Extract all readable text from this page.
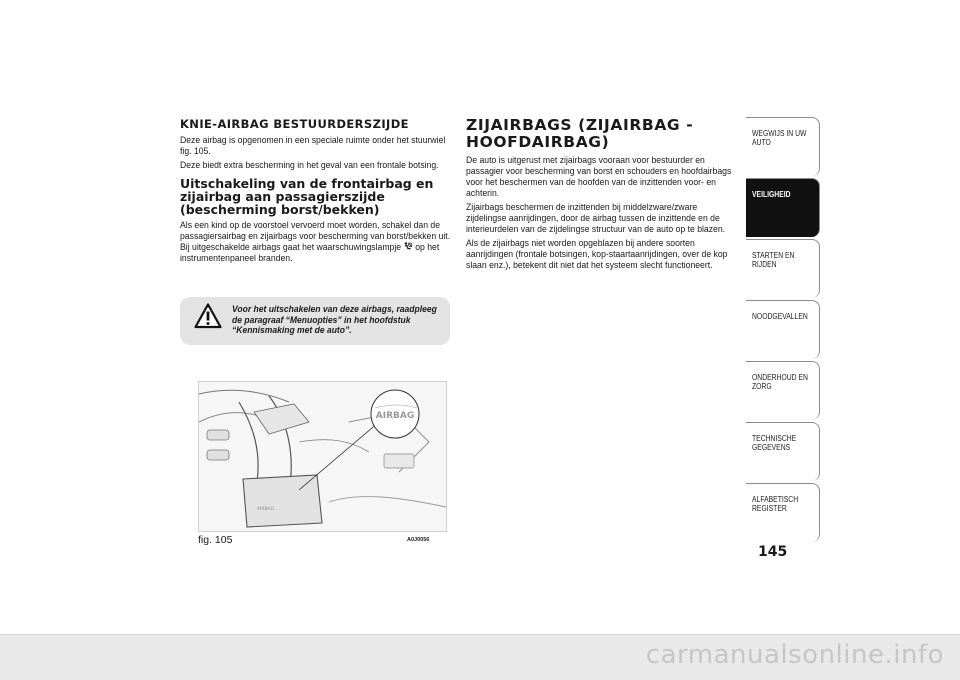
KNIE-AIRBAG BESTUURDERSZIJDE

Deze airbag is opgenomen in een speciale ruimte onder het stuurwiel fig. 105.

Deze biedt extra bescherming in het geval van een frontale botsing.

Uitschakeling van de frontairbag en zijairbag aan passagierszijde (bescherming borst/bekken)

Als een kind op de voorstoel vervoerd moet worden, schakel dan de passagiersairbag en zijairbags voor bescherming van borst/bekken uit. Bij uitgeschakelde airbags gaat het waarschuwingslampje op het instrumentenpaneel branden.

Voor het uitschakelen van deze airbags, raadpleeg de paragraaf “Menuopties” in het hoofdstuk “Kennismaking met de auto”.
AIRBAG
AIRBAG
fig. 105	A0J0056
ZIJAIRBAGS (ZIJAIRBAG - HOOFDAIRBAG)

De auto is uitgerust met zijairbags vooraan voor bestuurder en passagier voor bescherming van borst en schouders en hoofdairbags voor het beschermen van de hoofden van de inzittenden voor- en achterin.

Zijairbags beschermen de inzittenden bij middelzware/zware zijdelingse aanrijdingen, door de airbag tussen de inzittende en de interieurdelen van de zijdelingse structuur van de auto op te blazen.

Als de zijairbags niet worden opgeblazen bij andere soorten aanrijdingen (frontale botsingen, kop-staartaanrijdingen, over de kop slaan enz.), betekent dit niet dat het systeem slecht functioneert.

WEGWIJS IN UW AUTO
VEILIGHEID
STARTEN EN RIJDEN
NOODGEVALLEN
ONDERHOUD EN ZORG
TECHNISCHE GEGEVENS
ALFABETISCH REGISTER
145
carmanualsonline.info
